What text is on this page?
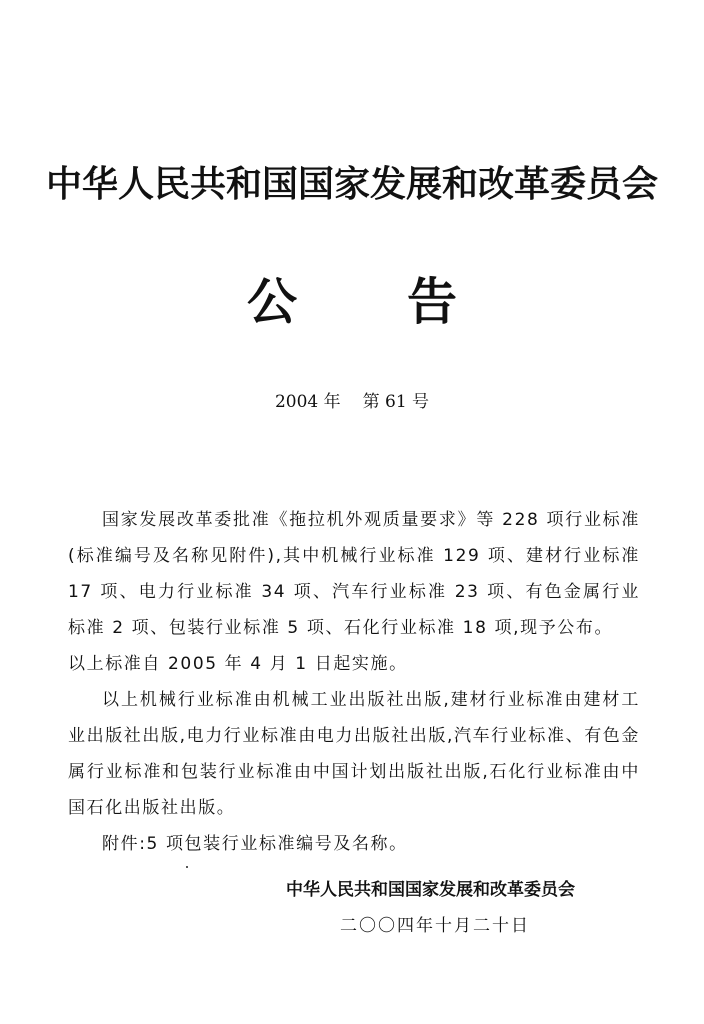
中华人民共和国国家发展和改革委员会
公告
2004 年 第 61 号

国家发展改革委批准《拖拉机外观质量要求》等 228 项行业标准(标准编号及名称见附件),其中机械行业标准 129 项、建材行业标准 17 项、电力行业标准 34 项、汽车行业标准 23 项、有色金属行业标准 2 项、包装行业标准 5 项、石化行业标准 18 项,现予公布。

以上标准自 2005 年 4 月 1 日起实施。

以上机械行业标准由机械工业出版社出版,建材行业标准由建材工业出版社出版,电力行业标准由电力出版社出版,汽车行业标准、有色金属行业标准和包装行业标准由中国计划出版社出版,石化行业标准由中国石化出版社出版。

附件:5 项包装行业标准编号及名称。

中华人民共和国国家发展和改革委员会
二〇〇四年十月二十日
